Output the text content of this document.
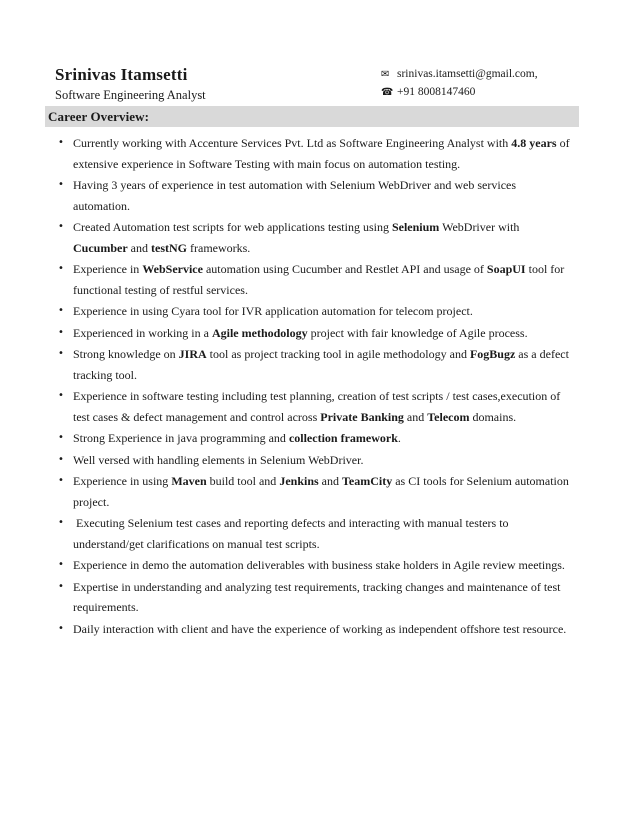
Srinivas Itamsetti
Software Engineering Analyst
✉ srinivas.itamsetti@gmail.com,
☎ +91 8008147460
Career Overview:
• Currently working with Accenture Services Pvt. Ltd as Software Engineering Analyst with 4.8 years of extensive experience in Software Testing with main focus on automation testing.
• Having 3 years of experience in test automation with Selenium WebDriver and web services automation.
• Created Automation test scripts for web applications testing using Selenium WebDriver with Cucumber and testNG frameworks.
• Experience in WebService automation using Cucumber and Restlet API and usage of SoapUI tool for functional testing of restful services.
• Experience in using Cyara tool for IVR application automation for telecom project.
• Experienced in working in a Agile methodology project with fair knowledge of Agile process.
• Strong knowledge on JIRA tool as project tracking tool in agile methodology and FogBugz as a defect tracking tool.
• Experience in software testing including test planning, creation of test scripts / test cases,execution of  test cases & defect management and control across Private Banking and Telecom domains.
• Strong Experience in java programming and collection framework.
• Well versed with handling elements in Selenium WebDriver.
• Experience in using Maven build tool and Jenkins and TeamCity as CI tools for Selenium automation project.
• Executing Selenium test cases and reporting defects and interacting with manual testers to understand/get clarifications on manual test scripts.
• Experience in demo the automation deliverables with business stake holders in Agile review meetings.
• Expertise in understanding and analyzing test requirements, tracking changes and maintenance of test requirements.
• Daily interaction with client and have the experience of working as independent offshore test resource.
